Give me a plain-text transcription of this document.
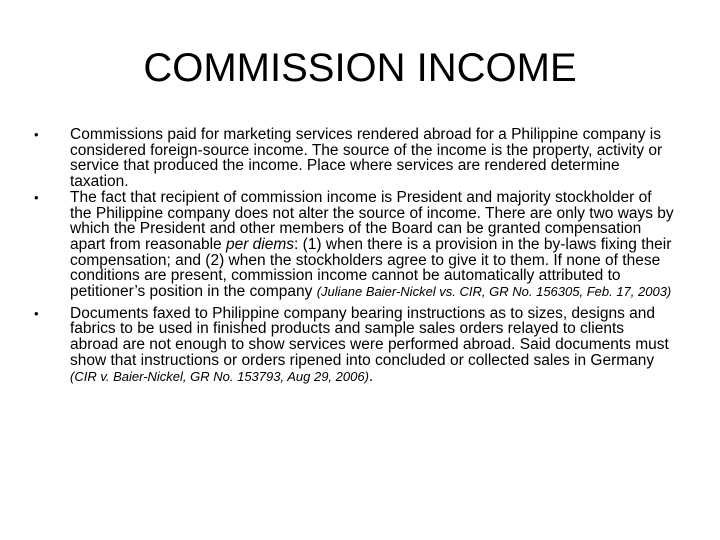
COMMISSION INCOME
• Commissions paid for marketing services rendered abroad for a Philippine company is considered foreign-source income. The source of the income is the property, activity or service that produced the income. Place where services are rendered determine taxation.
• The fact that recipient of commission income is President and majority stockholder of the Philippine company does not alter the source of income. There are only two ways by which the President and other members of the Board can be granted compensation apart from reasonable per diems: (1) when there is a provision in the by-laws fixing their compensation; and (2) when the stockholders agree to give it to them. If none of these conditions are present, commission income cannot be automatically attributed to petitioner’s position in the company (Juliane Baier-Nickel vs. CIR, GR No. 156305, Feb. 17, 2003)
• Documents faxed to Philippine company bearing instructions as to sizes, designs and fabrics to be used in finished products and sample sales orders relayed to clients abroad are not enough to show services were performed abroad. Said documents must show that instructions or orders ripened into concluded or collected sales in Germany (CIR v. Baier-Nickel, GR No. 153793, Aug 29, 2006).
